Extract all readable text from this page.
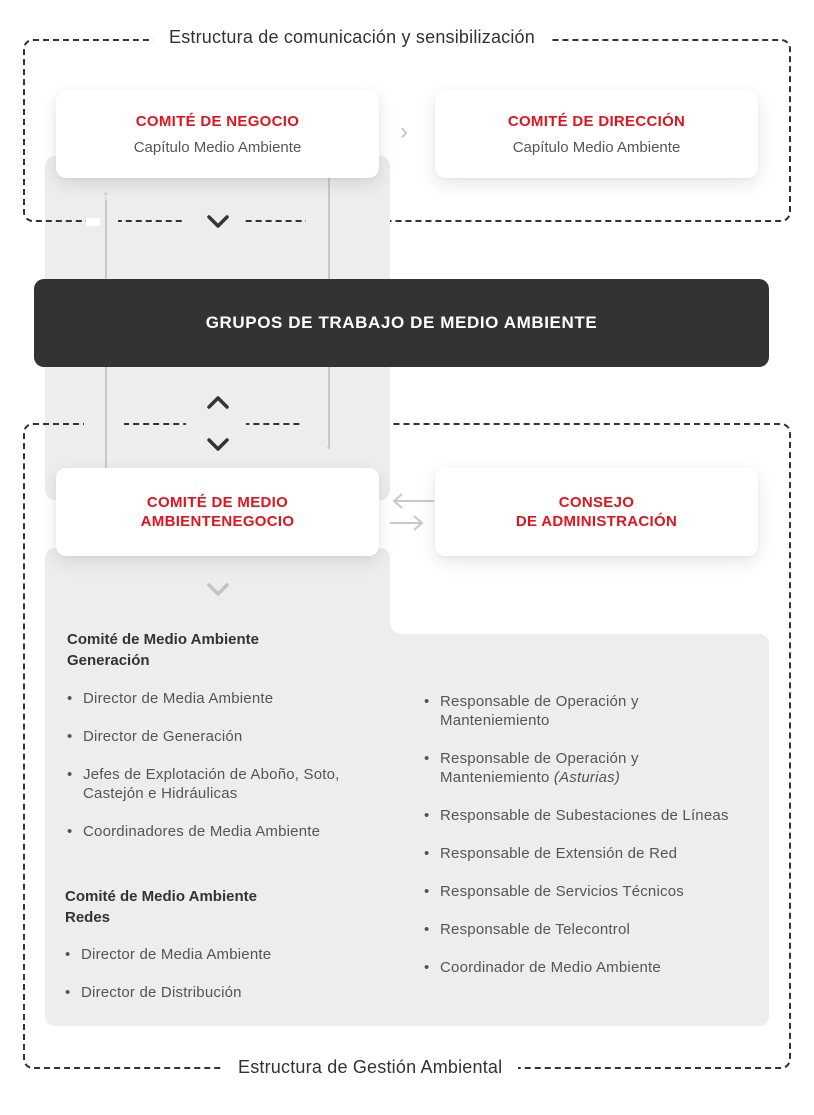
Estructura de comunicación y sensibilización
Estructura de Gestión Ambiental
↑
↓
›
COMITÉ DE NEGOCIO
Capítulo Medio Ambiente
COMITÉ DE DIRECCIÓN
Capítulo Medio Ambiente
GRUPOS DE TRABAJO DE MEDIO AMBIENTE
COMITÉ DE MEDIO
AMBIENTENEGOCIO
CONSEJO
DE ADMINISTRACIÓN
Comité de Medio Ambiente
Generación
• Director de Media Ambiente
• Director de Generación
• Jefes de Explotación de Aboño, Soto, Castejón e Hidráulicas
• Coordinadores de Media Ambiente
Comité de Medio Ambiente
Redes
• Director de Media Ambiente
• Director de Distribución
• Responsable de Operación y Manteniemiento
• Responsable de Operación y Manteniemiento (Asturias)
• Responsable de Subestaciones de Líneas
• Responsable de Extensión de Red
• Responsable de Servicios Técnicos
• Responsable de Telecontrol
• Coordinador de Medio Ambiente
